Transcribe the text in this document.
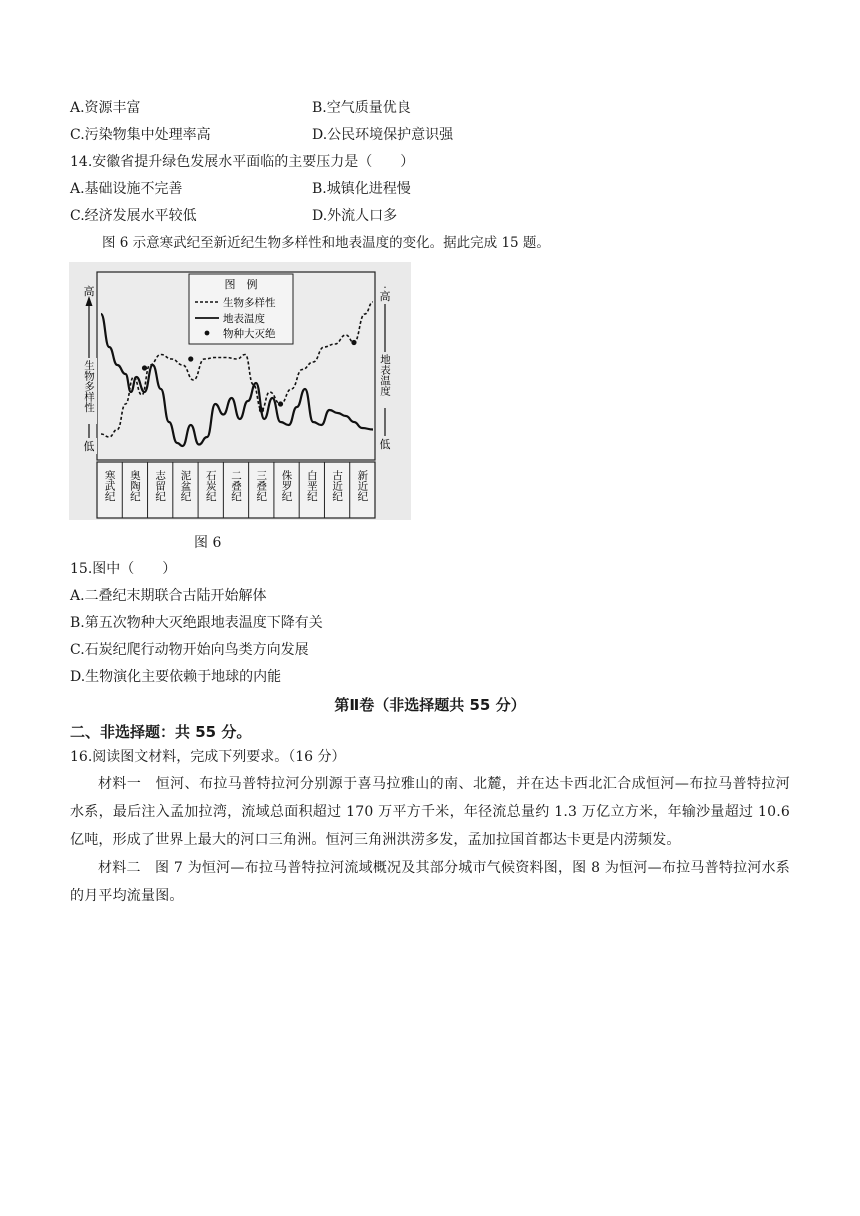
A.资源丰富	B.空气质量优良
C.污染物集中处理率高	D.公民环境保护意识强
14.安徽省提升绿色发展水平面临的主要压力是（　　）
A.基础设施不完善	B.城镇化进程慢
C.经济发展水平较低	D.外流人口多
图 6 示意寒武纪至新近纪生物多样性和地表温度的变化。据此完成 15 题。
图　例
生物多样性
地表温度
物种大灭绝
高
生物多样性
低
高
地表温度
低
寒武纪 奥陶纪 志留纪 泥盆纪 石炭纪 二叠纪 三叠纪 侏罗纪 白垩纪 古近纪 新近纪
图 6
15.图中（　　）
A.二叠纪末期联合古陆开始解体
B.第五次物种大灭绝跟地表温度下降有关
C.石炭纪爬行动物开始向鸟类方向发展
D.生物演化主要依赖于地球的内能
第Ⅱ卷（非选择题共 55 分）
二、非选择题：共 55 分。
16.阅读图文材料，完成下列要求。（16 分）
材料一　恒河、布拉马普特拉河分别源于喜马拉雅山的南、北麓，并在达卡西北汇合成恒河—布拉马普特拉河水系，最后注入孟加拉湾，流域总面积超过 170 万平方千米，年径流总量约 1.3 万亿立方米，年输沙量超过 10.6 亿吨，形成了世界上最大的河口三角洲。恒河三角洲洪涝多发，孟加拉国首都达卡更是内涝频发。
材料二　图 7 为恒河—布拉马普特拉河流域概况及其部分城市气候资料图，图 8 为恒河—布拉马普特拉河水系的月平均流量图。
